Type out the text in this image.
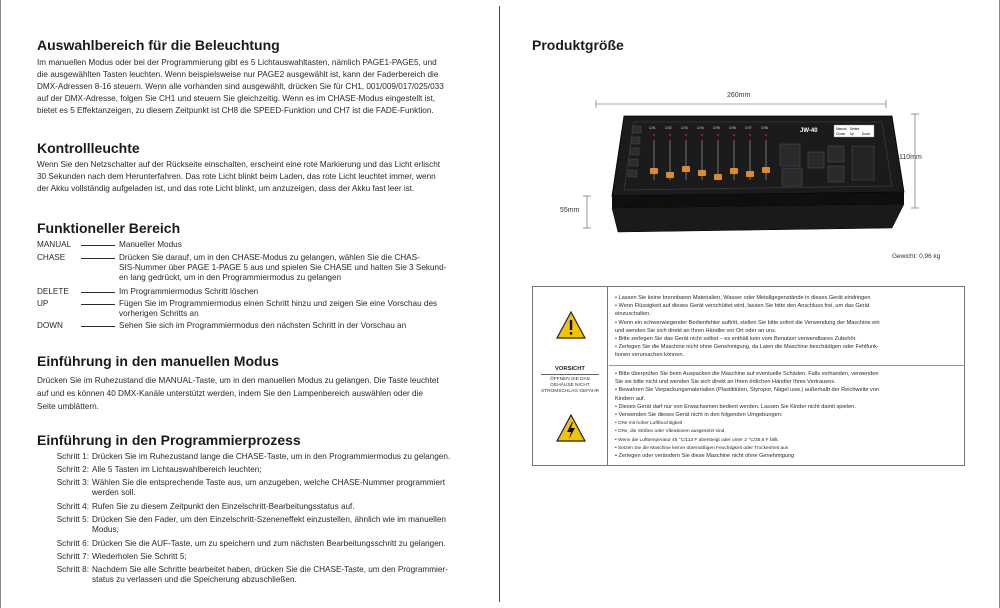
Auswahlbereich für die Beleuchtung

Im manuellen Modus oder bei der Programmierung gibt es 5 Lichtauswahltasten, nämlich PAGE1-PAGE5, und

die ausgewählten Tasten leuchten. Wenn beispielsweise nur PAGE2 ausgewählt ist, kann der Faderbereich die

DMX-Adressen 8-16 steuern. Wenn alle vorhanden sind ausgewählt, drücken Sie für CH1, 001/009/017/025/033

auf der DMX-Adresse, folgen Sie CH1 und steuern Sie gleichzeitig. Wenn es im CHASE-Modus eingestellt ist,

bietet es 5 Effektanzeigen, zu diesem Zeitpunkt ist CH8 die SPEED-Funktion und CH7 ist die FADE-Funktion.

Kontrollleuchte

Wenn Sie den Netzschalter auf der Rückseite einschalten, erscheint eine rote Markierung und das Licht erlischt

30 Sekunden nach dem Herunterfahren. Das rote Licht blinkt beim Laden, das rote Licht leuchtet immer, wenn

der Akku vollständig aufgeladen ist, und das rote Licht blinkt, um anzuzeigen, dass der Akku fast leer ist.

Funktioneller Bereich
MANUAL	Manueller Modus
CHASE	Drücken Sie darauf, um in den CHASE-Modus zu gelangen, wählen Sie die CHAS-
SIS-Nummer über PAGE 1-PAGE 5 aus und spielen Sie CHASE und halten Sie 3 Sekund-
en lang gedrückt, um in den Programmiermodus zu gelangen
DELETE	Im Programmiermodus Schritt löschen
UP	Fügen Sie im Programmiermodus einen Schritt hinzu und zeigen Sie eine Vorschau des
vorherigen Schritts an
DOWN	Sehen Sie sich im Programmiermodus den nächsten Schritt in der Vorschau an
Einführung in den manuellen Modus

Drücken Sie im Ruhezustand die MANUAL-Taste, um in den manuellen Modus zu gelangen. Die Taste leuchtet

auf und es können 40 DMX-Kanäle unterstützt werden, indem Sie den Lampenbereich auswählen oder die

Seite umblättern.

Einführung in den Programmierprozess
Schritt 1: Drücken Sie im Ruhezustand lange die CHASE-Taste, um in den Programmiermodus zu gelangen.
Schritt 2: Alle 5 Tasten im Lichtauswahlbereich leuchten;
Schritt 3: Wählen Sie die entsprechende Taste aus, um anzugeben, welche CHASE-Nummer programmiert
werden soll.
Schritt 4: Rufen Sie zu diesem Zeitpunkt den Einzelschritt-Bearbeitungsstatus auf.
Schritt 5: Drücken Sie den Fader, um den Einzelschritt-Szeneneffekt einzustellen, ähnlich wie im manuellen
Modus;
Schritt 6: Drücken Sie die AUF-Taste, um zu speichern und zum nächsten Bearbeitungsschritt zu gelangen.
Schritt 7: Wiederholen Sie Schritt 5;
Schritt 8: Nachdem Sie alle Schritte bearbeitet haben, drücken Sie die CHASE-Taste, um den Programmier-
status zu verlassen und die Speicherung abzuschließen.
Produktgröße
CH1	CH2	CH3	CH4	CH5	CH6	CH7	CH8	JW-40	Manual
Chase
Delete
Up Down
260mm
110mm
55mm
Gewicht: 0,96 kg
VORSICHT
ÖFFNEN SIE DAS
GEHÄUSE NICHT
STROMSCHLAG GEFAHR
• Lassen Sie keine brennbaren Materialien, Wasser oder Metallgegenstände in dieses Gerät eindringen
• Wenn Flüssigkeit auf dieses Gerät verschüttet wird, lassen Sie bitte den Anschluss frei, um das Gerät
einzuschalten.
• Wenn ein schwerwiegender Bedienfehler auftritt, stellen Sie bitte sofort die Verwendung der Maschine ein
und wenden Sie sich direkt an Ihren Händler vor Ort oder an uns.
• Bitte zerlegen Sie das Gerät nicht selbst – es enthält kein vom Benutzer verwendbares Zubehör.
• Zerlegen Sie die Maschine nicht ohne Genehmigung, da Laien die Maschine beschädigen oder Fehlfunk-
tionen verursachen können.
• Bitte überprüfen Sie beim Auspacken die Maschine auf eventuelle Schäden. Falls vorhanden, verwenden
Sie sie bitte nicht und wenden Sie sich direkt an Ihren örtlichen Händler Ihres Vertrauens.
• Bewahren Sie Verpackungsmaterialien (Plastiktüten, Styropor, Nägel usw.) außerhalb der Reichweite von
Kindern auf.
• Dieses Gerät darf nur von Erwachsenen bedient werden. Lassen Sie Kinder nicht damit spielen.
• Verwenden Sie dieses Gerät nicht in den folgenden Umgebungen:
• Orte mit hoher Luftfeuchtigkeit
• Orte, die Stößen oder Vibrationen ausgesetzt sind
• Wenn die Lufttemperatur 45 °C/113 F übersteigt oder unter 2 °C/35,6 F fällt.
• Setzen Sie die Maschine keiner übermäßigen Feuchtigkeit oder Trockenheit aus
• Zerlegen oder verändern Sie diese Maschine nicht ohne Genehmigung
